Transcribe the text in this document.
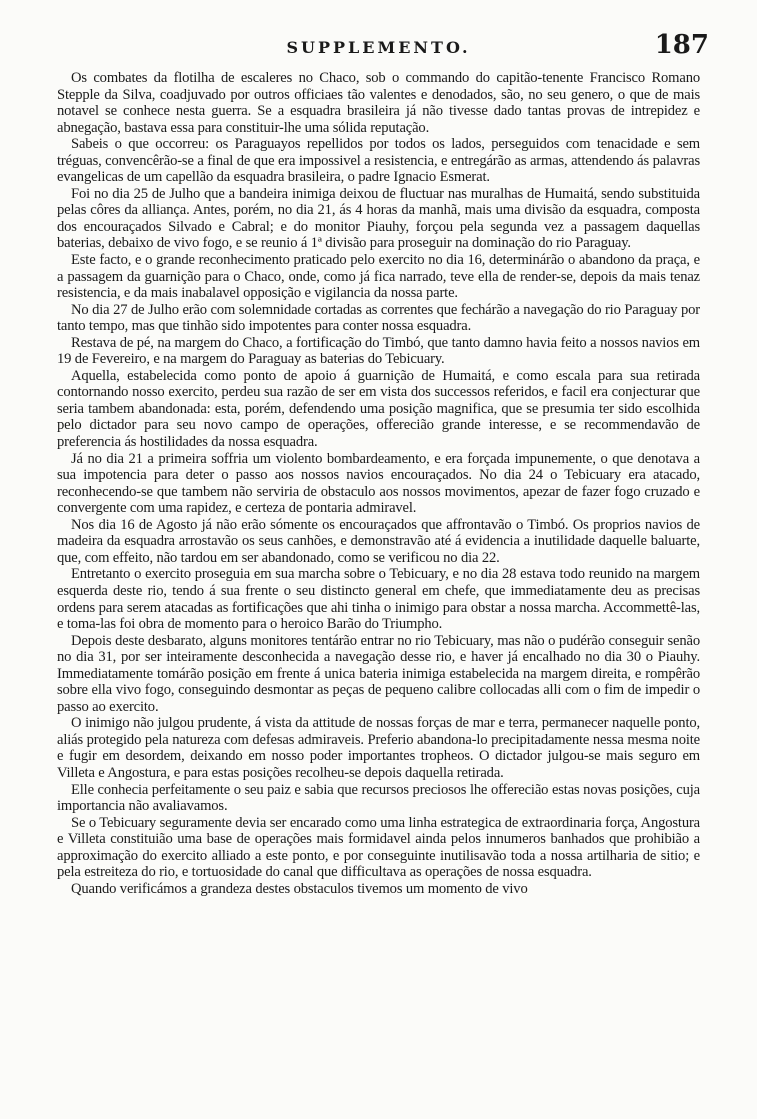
SUPPLEMENTO.	187

Os combates da flotilha de escaleres no Chaco, sob o commando do capitão-tenente Francisco Romano Stepple da Silva, coadjuvado por outros officiaes tão valentes e denodados, são, no seu genero, o que de mais notavel se conhece nesta guerra. Se a esquadra brasileira já não tivesse dado tantas provas de intrepidez e abnegação, bastava essa para constituir-lhe uma sólida reputação.

Sabeis o que occorreu: os Paraguayos repellidos por todos os lados, perseguidos com tenacidade e sem tréguas, convencêrão-se a final de que era impossivel a resistencia, e entregárão as armas, attendendo ás palavras evangelicas de um capellão da esquadra brasileira, o padre Ignacio Esmerat.

Foi no dia 25 de Julho que a bandeira inimiga deixou de fluctuar nas muralhas de Humaitá, sendo substituida pelas côres da alliança. Antes, porém, no dia 21, ás 4 horas da manhã, mais uma divisão da esquadra, composta dos encouraçados Silvado e Cabral; e do monitor Piauhy, forçou pela segunda vez a passagem daquellas baterias, debaixo de vivo fogo, e se reunio á 1ª divisão para proseguir na dominação do rio Paraguay.

Este facto, e o grande reconhecimento praticado pelo exercito no dia 16, determinárão o abandono da praça, e a passagem da guarnição para o Chaco, onde, como já fica narrado, teve ella de render-se, depois da mais tenaz resistencia, e da mais inabalavel opposição e vigilancia da nossa parte.

No dia 27 de Julho erão com solemnidade cortadas as correntes que fechárão a navegação do rio Paraguay por tanto tempo, mas que tinhão sido impotentes para conter nossa esquadra.

Restava de pé, na margem do Chaco, a fortificação do Timbó, que tanto damno havia feito a nossos navios em 19 de Fevereiro, e na margem do Paraguay as baterias do Tebicuary.

Aquella, estabelecida como ponto de apoio á guarnição de Humaitá, e como escala para sua retirada contornando nosso exercito, perdeu sua razão de ser em vista dos successos referidos, e facil era conjecturar que seria tambem abandonada: esta, porém, defendendo uma posição magnifica, que se presumia ter sido escolhida pelo dictador para seu novo campo de operações, offerecião grande interesse, e se recommendavão de preferencia ás hostilidades da nossa esquadra.

Já no dia 21 a primeira soffria um violento bombardeamento, e era forçada impunemente, o que denotava a sua impotencia para deter o passo aos nossos navios encouraçados. No dia 24 o Tebicuary era atacado, reconhecendo-se que tambem não serviria de obstaculo aos nossos movimentos, apezar de fazer fogo cruzado e convergente com uma rapidez, e certeza de pontaria admiravel.

Nos dia 16 de Agosto já não erão sómente os encouraçados que affrontavão o Timbó. Os proprios navios de madeira da esquadra arrostavão os seus canhões, e demonstravão até á evidencia a inutilidade daquelle baluarte, que, com effeito, não tardou em ser abandonado, como se verificou no dia 22.

Entretanto o exercito proseguia em sua marcha sobre o Tebicuary, e no dia 28 estava todo reunido na margem esquerda deste rio, tendo á sua frente o seu distincto general em chefe, que immediatamente deu as precisas ordens para serem atacadas as fortificações que ahi tinha o inimigo para obstar a nossa marcha. Accommettê-las, e toma-las foi obra de momento para o heroico Barão do Triumpho.

Depois deste desbarato, alguns monitores tentárão entrar no rio Tebicuary, mas não o pudérão conseguir senão no dia 31, por ser inteiramente desconhecida a navegação desse rio, e haver já encalhado no dia 30 o Piauhy. Immediatamente tomárão posição em frente á unica bateria inimiga estabelecida na margem direita, e rompêrão sobre ella vivo fogo, conseguindo desmontar as peças de pequeno calibre collocadas alli com o fim de impedir o passo ao exercito.

O inimigo não julgou prudente, á vista da attitude de nossas forças de mar e terra, permanecer naquelle ponto, aliás protegido pela natureza com defesas admiraveis. Preferio abandona-lo precipitadamente nessa mesma noite e fugir em desordem, deixando em nosso poder importantes tropheos. O dictador julgou-se mais seguro em Villeta e Angostura, e para estas posições recolheu-se depois daquella retirada.

Elle conhecia perfeitamente o seu paiz e sabia que recursos preciosos lhe offerecião estas novas posições, cuja importancia não avaliavamos.

Se o Tebicuary seguramente devia ser encarado como uma linha estrategica de extraordinaria força, Angostura e Villeta constituião uma base de operações mais formidavel ainda pelos innumeros banhados que prohibião a approximação do exercito alliado a este ponto, e por conseguinte inutilisavão toda a nossa artilharia de sitio; e pela estreiteza do rio, e tortuosidade do canal que difficultava as operações de nossa esquadra.

Quando verificámos a grandeza destes obstaculos tivemos um momento de vivo
